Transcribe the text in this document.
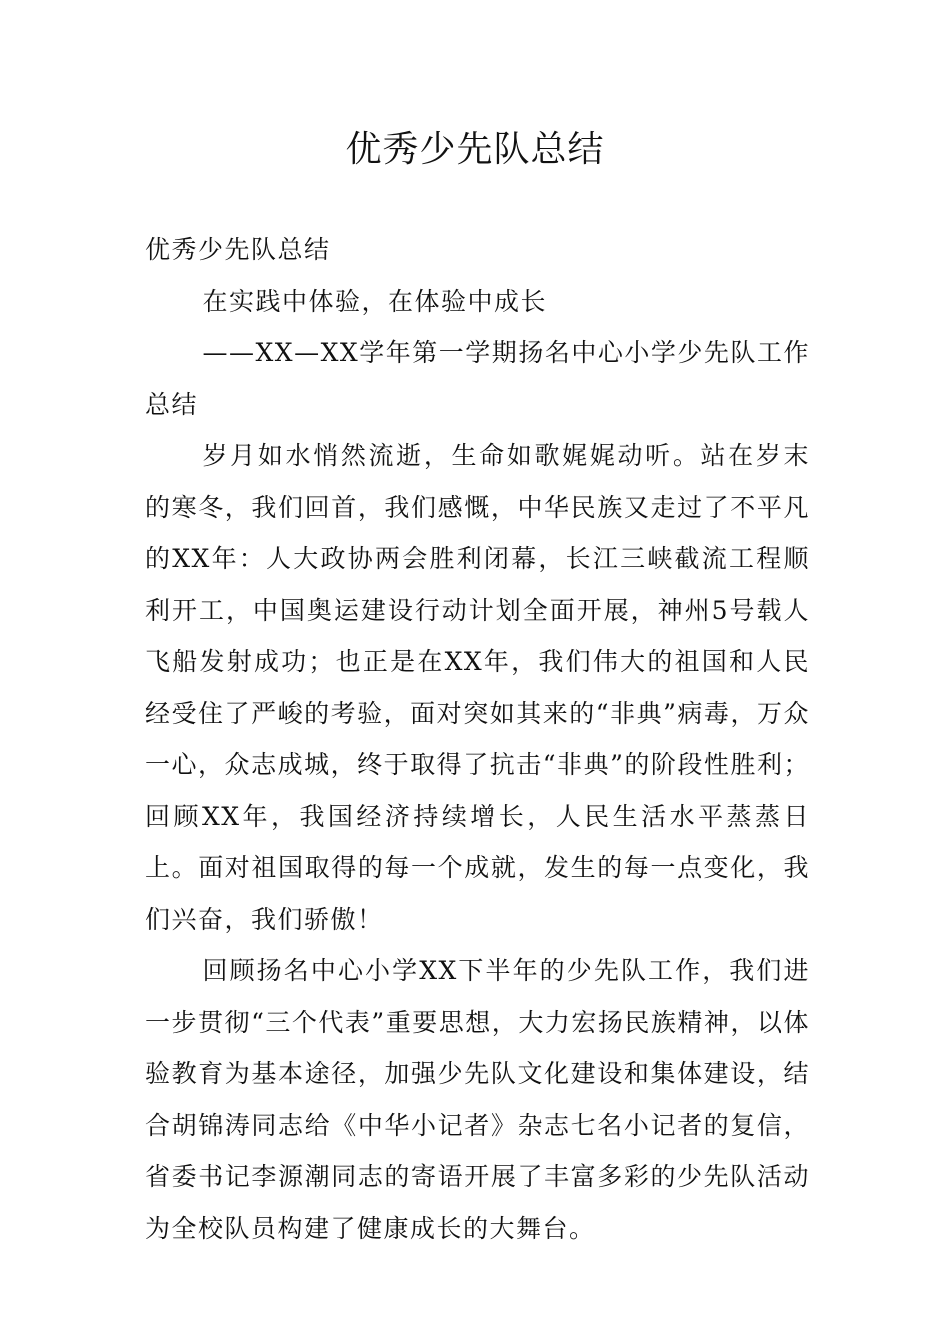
优秀少先队总结

优秀少先队总结

在实践中体验，在体验中成长

——XX—XX学年第一学期扬名中心小学少先队工作总结

岁月如水悄然流逝，生命如歌娓娓动听。站在岁末的寒冬，我们回首，我们感慨，中华民族又走过了不平凡的XX年：人大政协两会胜利闭幕，长江三峡截流工程顺利开工，中国奥运建设行动计划全面开展，神州5号载人飞船发射成功；也正是在XX年，我们伟大的祖国和人民经受住了严峻的考验，面对突如其来的“非典”病毒，万众一心，众志成城，终于取得了抗击“非典”的阶段性胜利；回顾XX年，我国经济持续增长，人民生活水平蒸蒸日上。面对祖国取得的每一个成就，发生的每一点变化，我们兴奋，我们骄傲！

回顾扬名中心小学XX下半年的少先队工作，我们进一步贯彻“三个代表”重要思想，大力宏扬民族精神，以体验教育为基本途径，加强少先队文化建设和集体建设，结合胡锦涛同志给《中华小记者》杂志七名小记者的复信，省委书记李源潮同志的寄语开展了丰富多彩的少先队活动为全校队员构建了健康成长的大舞台。
